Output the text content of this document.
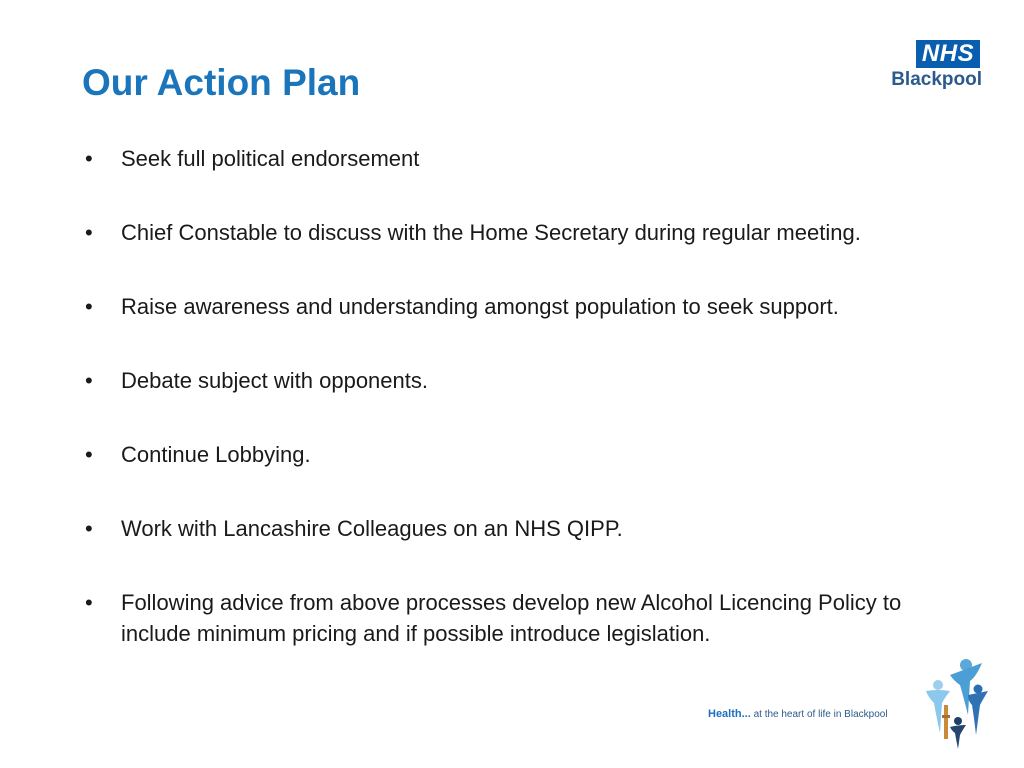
Our Action Plan
NHS
Blackpool
• Seek full political endorsement
• Chief Constable to discuss with the Home Secretary during regular meeting.
• Raise awareness and understanding amongst population to seek support.
• Debate subject with opponents.
• Continue Lobbying.
• Work with Lancashire Colleagues on an NHS QIPP.
• Following advice from above processes develop new Alcohol Licencing Policy to include minimum pricing and if possible introduce legislation.
Health... at the heart of life in Blackpool
